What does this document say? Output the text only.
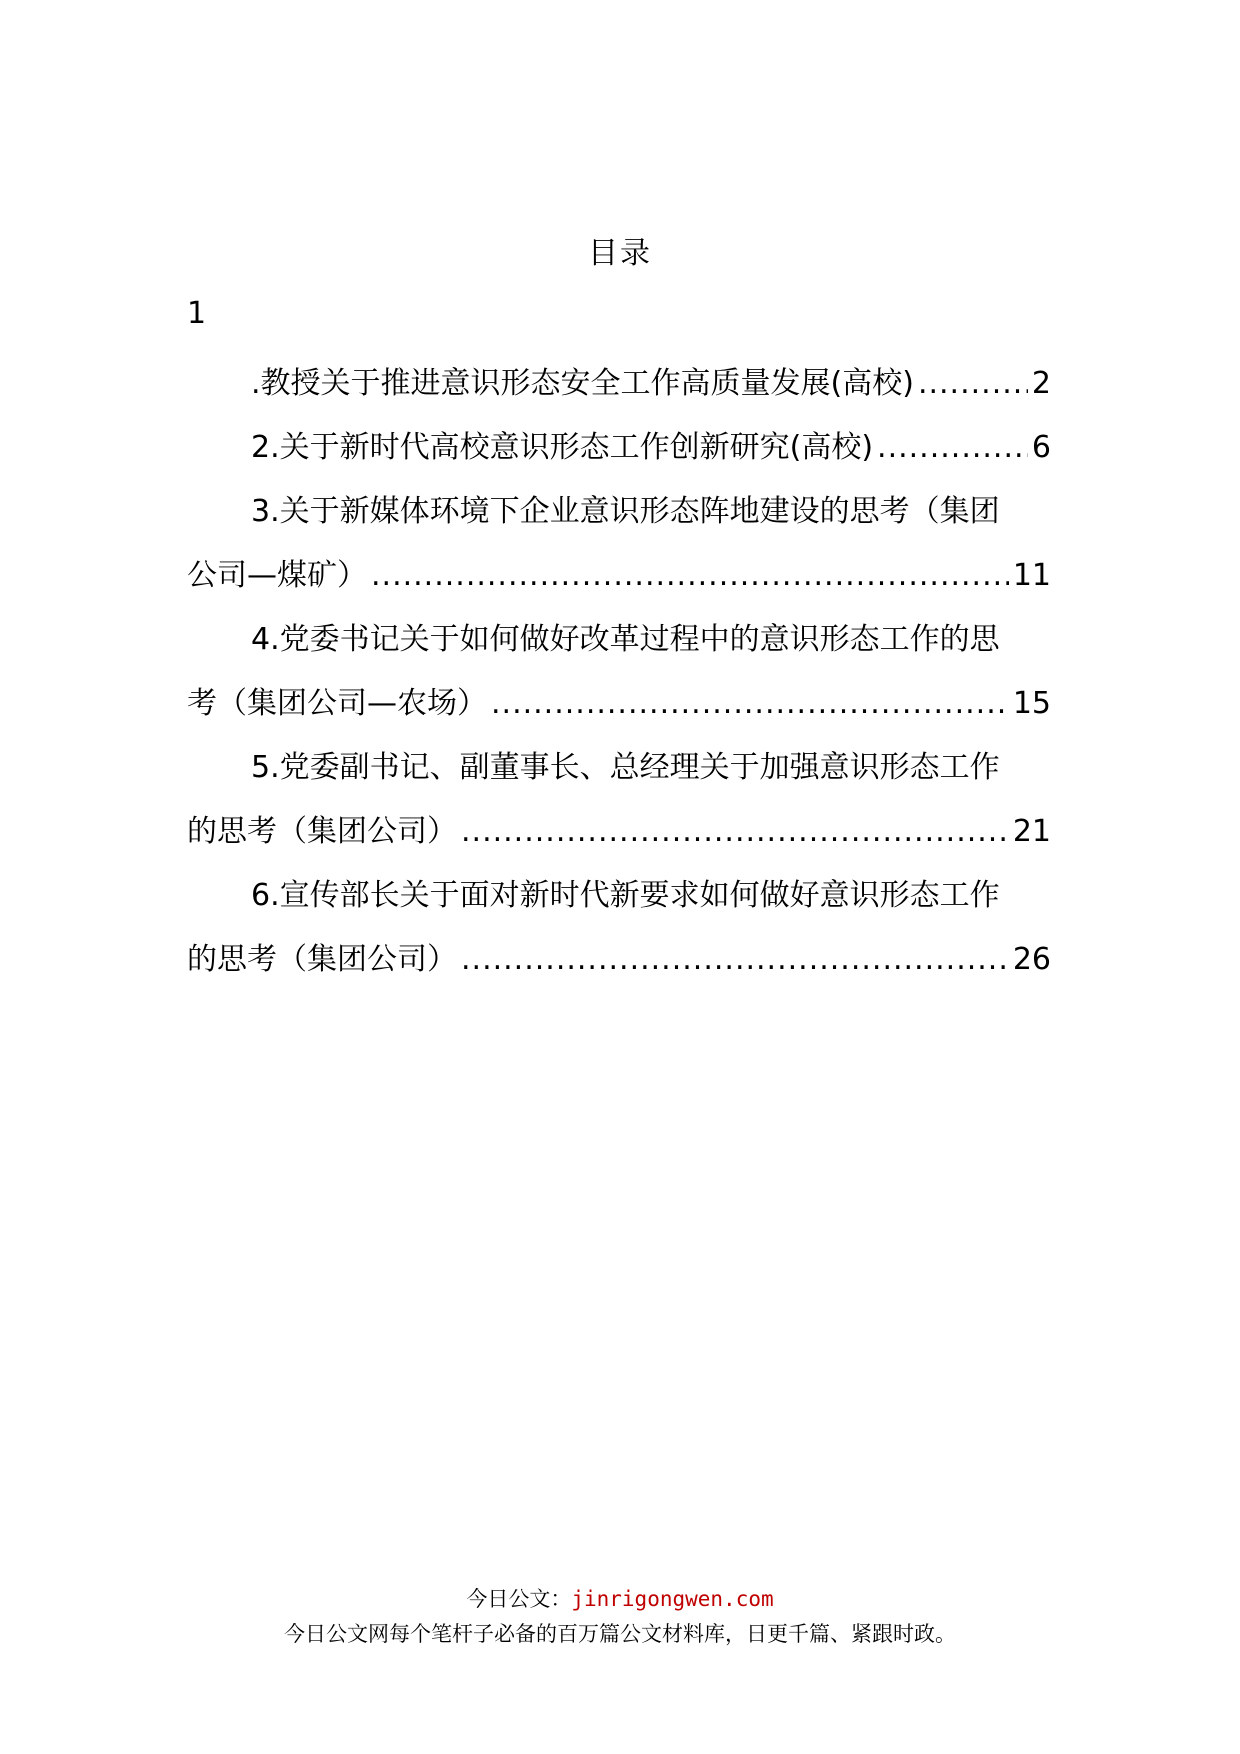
目录
1
.教授关于推进意识形态安全工作高质量发展(高校) .....	2
2.关于新时代高校意识形态工作创新研究(高校) .....	6
3.关于新媒体环境下企业意识形态阵地建设的思考（集团
公司—煤矿） .....	11
4.党委书记关于如何做好改革过程中的意识形态工作的思
考（集团公司—农场） .....	15
5.党委副书记、副董事长、总经理关于加强意识形态工作
的思考（集团公司） .....	21
6.宣传部长关于面对新时代新要求如何做好意识形态工作
的思考（集团公司） .....	26
今日公文：jinrigongwen.com
今日公文网每个笔杆子必备的百万篇公文材料库，日更千篇、紧跟时政。
